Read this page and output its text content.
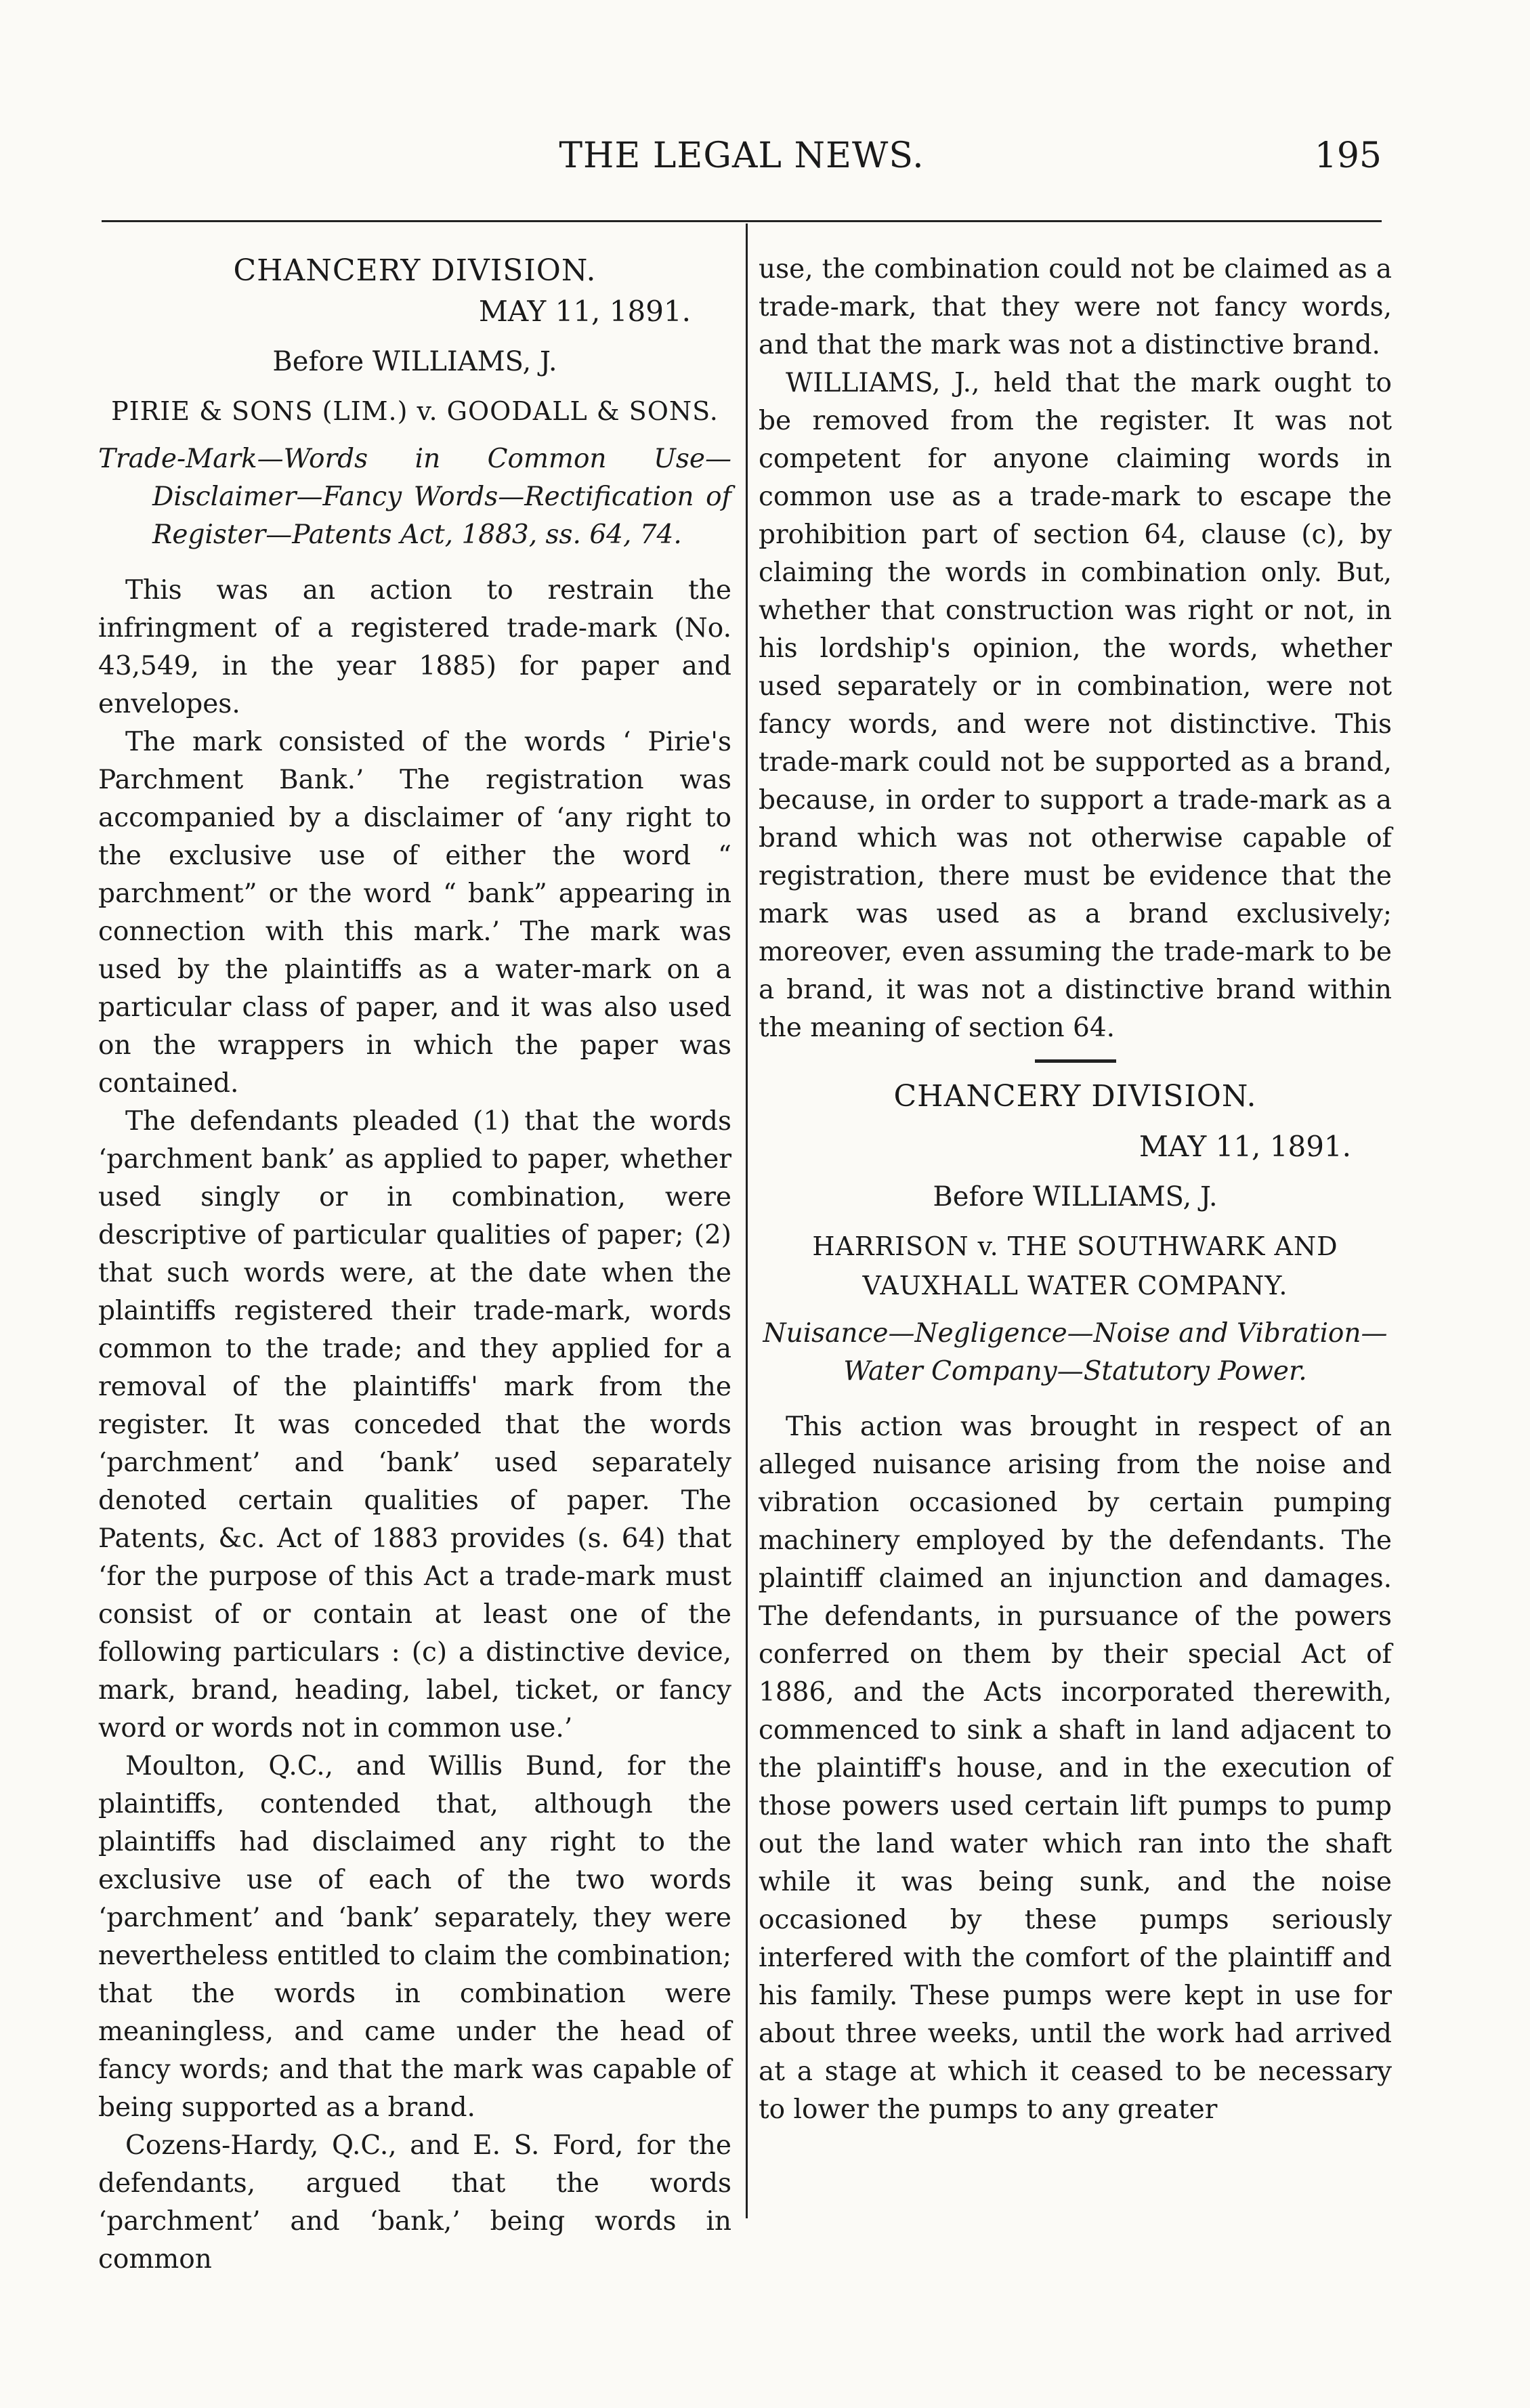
THE LEGAL NEWS.	195
CHANCERY DIVISION.
MAY 11, 1891.
Before WILLIAMS, J.
PIRIE & SONS (LIM.) v. GOODALL & SONS.
Trade-Mark—Words in Common Use—Disclaimer—Fancy Words—Rectification of Register—Patents Act, 1883, ss. 64, 74.

This was an action to restrain the infringment of a registered trade-mark (No. 43,549, in the year 1885) for paper and envelopes.

The mark consisted of the words ‘ Pirie's Parchment Bank.’ The registration was accompanied by a disclaimer of ‘any right to the exclusive use of either the word “ parchment” or the word “ bank” appearing in connection with this mark.’ The mark was used by the plaintiffs as a water-mark on a particular class of paper, and it was also used on the wrappers in which the paper was contained.

The defendants pleaded (1) that the words ‘parchment bank’ as applied to paper, whether used singly or in combination, were descriptive of particular qualities of paper; (2) that such words were, at the date when the plaintiffs registered their trade-mark, words common to the trade; and they applied for a removal of the plaintiffs' mark from the register. It was conceded that the words ‘parchment’ and ‘bank’ used separately denoted certain qualities of paper. The Patents, &c. Act of 1883 provides (s. 64) that ‘for the purpose of this Act a trade-mark must consist of or contain at least one of the following particulars : (c) a distinctive device, mark, brand, heading, label, ticket, or fancy word or words not in common use.’

Moulton, Q.C., and Willis Bund, for the plaintiffs, contended that, although the plaintiffs had disclaimed any right to the exclusive use of each of the two words ‘parchment’ and ‘bank’ separately, they were nevertheless entitled to claim the combination; that the words in combination were meaningless, and came under the head of fancy words; and that the mark was capable of being supported as a brand.

Cozens-Hardy, Q.C., and E. S. Ford, for the defendants, argued that the words ‘parchment’ and ‘bank,’ being words in common

use, the combination could not be claimed as a trade-mark, that they were not fancy words, and that the mark was not a distinctive brand.

WILLIAMS, J., held that the mark ought to be removed from the register. It was not competent for anyone claiming words in common use as a trade-mark to escape the prohibition part of section 64, clause (c), by claiming the words in combination only. But, whether that construction was right or not, in his lordship's opinion, the words, whether used separately or in combination, were not fancy words, and were not distinctive. This trade-mark could not be supported as a brand, because, in order to support a trade-mark as a brand which was not otherwise capable of registration, there must be evidence that the mark was used as a brand exclusively; moreover, even assuming the trade-mark to be a brand, it was not a distinctive brand within the meaning of section 64.

CHANCERY DIVISION.
MAY 11, 1891.
Before WILLIAMS, J.
HARRISON v. THE SOUTHWARK AND VAUXHALL WATER COMPANY.
Nuisance—Negligence—Noise and Vibration—Water Company—Statutory Power.

This action was brought in respect of an alleged nuisance arising from the noise and vibration occasioned by certain pumping machinery employed by the defendants. The plaintiff claimed an injunction and damages. The defendants, in pursuance of the powers conferred on them by their special Act of 1886, and the Acts incorporated therewith, commenced to sink a shaft in land adjacent to the plaintiff's house, and in the execution of those powers used certain lift pumps to pump out the land water which ran into the shaft while it was being sunk, and the noise occasioned by these pumps seriously interfered with the comfort of the plaintiff and his family. These pumps were kept in use for about three weeks, until the work had arrived at a stage at which it ceased to be necessary to lower the pumps to any greater
